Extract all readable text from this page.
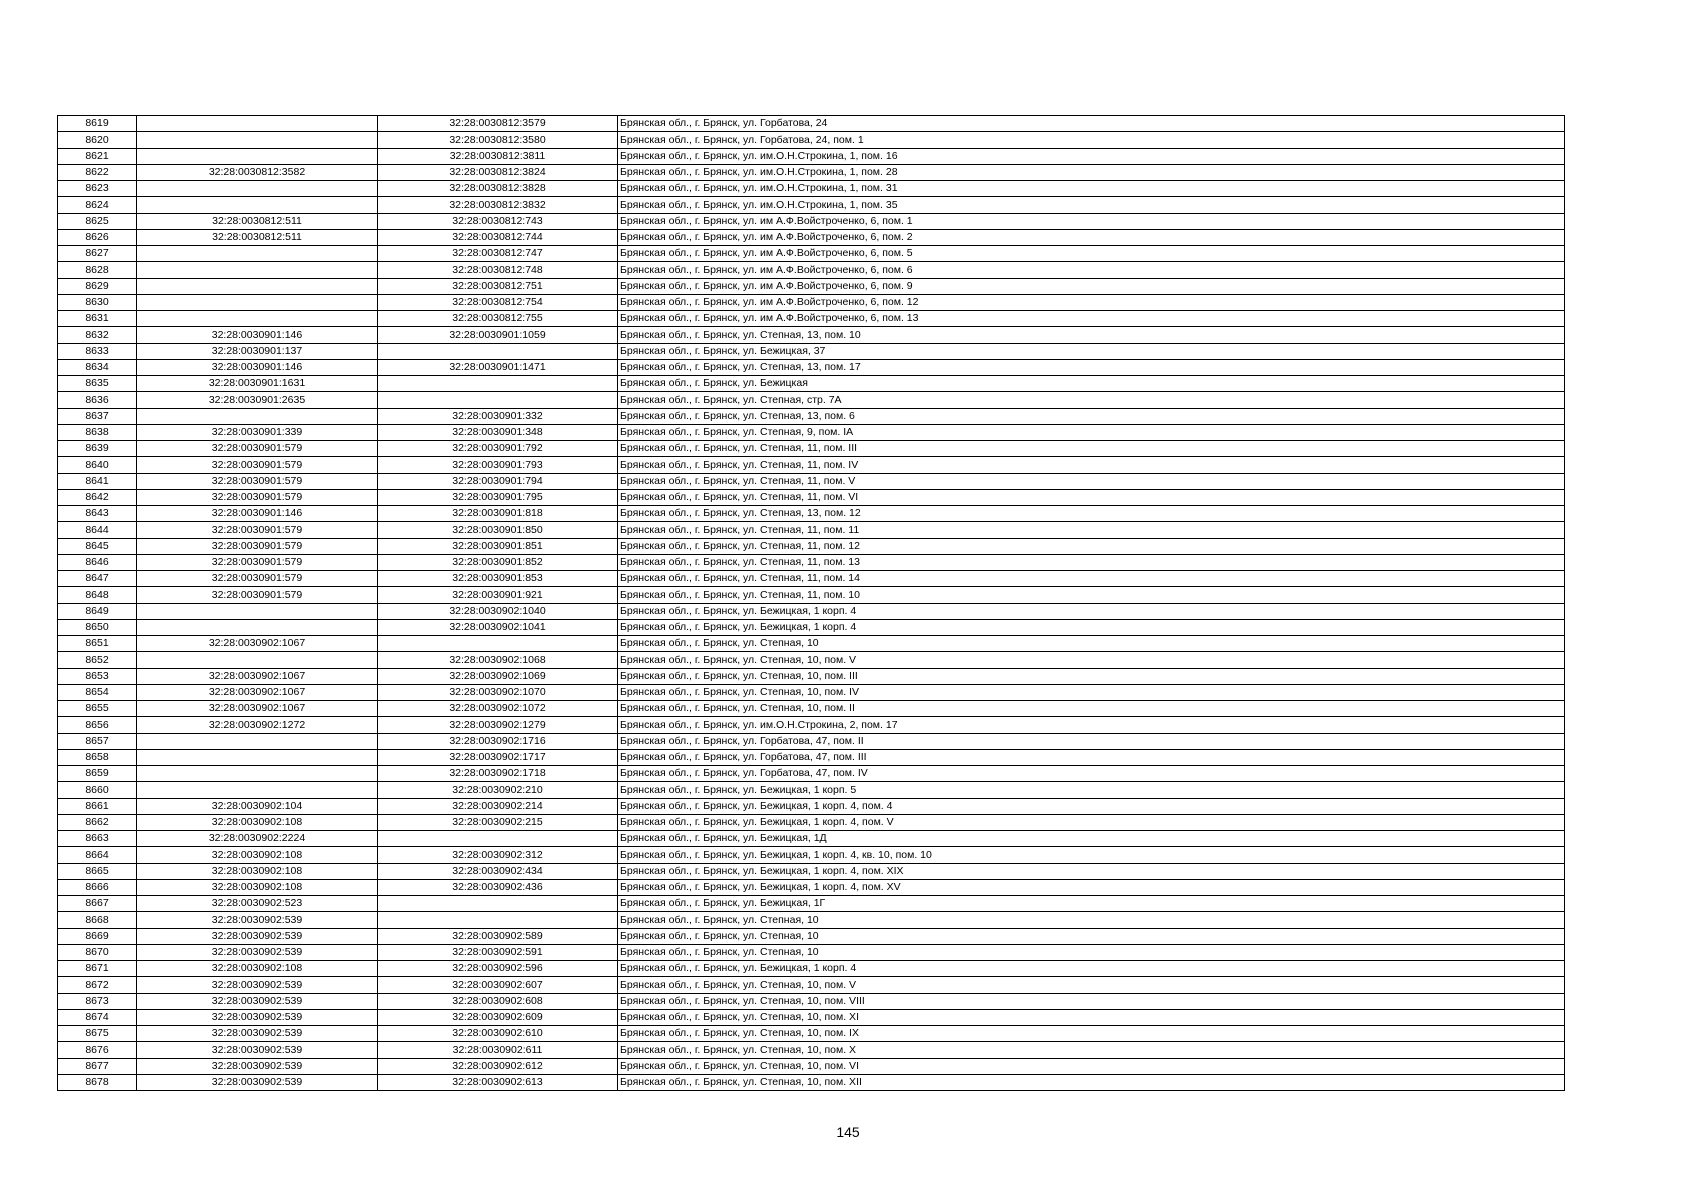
8619		32:28:0030812:3579	Брянская обл., г. Брянск, ул. Горбатова, 24
8620		32:28:0030812:3580	Брянская обл., г. Брянск, ул. Горбатова, 24, пом. 1
8621		32:28:0030812:3811	Брянская обл., г. Брянск, ул. им.О.Н.Строкина, 1, пом. 16
8622	32:28:0030812:3582	32:28:0030812:3824	Брянская обл., г. Брянск, ул. им.О.Н.Строкина, 1, пом. 28
8623		32:28:0030812:3828	Брянская обл., г. Брянск, ул. им.О.Н.Строкина, 1, пом. 31
8624		32:28:0030812:3832	Брянская обл., г. Брянск, ул. им.О.Н.Строкина, 1, пом. 35
8625	32:28:0030812:511	32:28:0030812:743	Брянская обл., г. Брянск, ул. им А.Ф.Войстроченко, 6, пом. 1
8626	32:28:0030812:511	32:28:0030812:744	Брянская обл., г. Брянск, ул. им А.Ф.Войстроченко, 6, пом. 2
8627		32:28:0030812:747	Брянская обл., г. Брянск, ул. им А.Ф.Войстроченко, 6, пом. 5
8628		32:28:0030812:748	Брянская обл., г. Брянск, ул. им А.Ф.Войстроченко, 6, пом. 6
8629		32:28:0030812:751	Брянская обл., г. Брянск, ул. им А.Ф.Войстроченко, 6, пом. 9
8630		32:28:0030812:754	Брянская обл., г. Брянск, ул. им А.Ф.Войстроченко, 6, пом. 12
8631		32:28:0030812:755	Брянская обл., г. Брянск, ул. им А.Ф.Войстроченко, 6, пом. 13
8632	32:28:0030901:146	32:28:0030901:1059	Брянская обл., г. Брянск, ул. Степная, 13, пом. 10
8633	32:28:0030901:137		Брянская обл., г. Брянск, ул. Бежицкая, 37
8634	32:28:0030901:146	32:28:0030901:1471	Брянская обл., г. Брянск, ул. Степная, 13, пом. 17
8635	32:28:0030901:1631		Брянская обл., г. Брянск, ул. Бежицкая
8636	32:28:0030901:2635		Брянская обл., г. Брянск, ул. Степная, стр. 7А
8637		32:28:0030901:332	Брянская обл., г. Брянск, ул. Степная, 13, пом. 6
8638	32:28:0030901:339	32:28:0030901:348	Брянская обл., г. Брянск, ул. Степная, 9, пом. IA
8639	32:28:0030901:579	32:28:0030901:792	Брянская обл., г. Брянск, ул. Степная, 11, пом. III
8640	32:28:0030901:579	32:28:0030901:793	Брянская обл., г. Брянск, ул. Степная, 11, пом. IV
8641	32:28:0030901:579	32:28:0030901:794	Брянская обл., г. Брянск, ул. Степная, 11, пом. V
8642	32:28:0030901:579	32:28:0030901:795	Брянская обл., г. Брянск, ул. Степная, 11, пом. VI
8643	32:28:0030901:146	32:28:0030901:818	Брянская обл., г. Брянск, ул. Степная, 13, пом. 12
8644	32:28:0030901:579	32:28:0030901:850	Брянская обл., г. Брянск, ул. Степная, 11, пом. 11
8645	32:28:0030901:579	32:28:0030901:851	Брянская обл., г. Брянск, ул. Степная, 11, пом. 12
8646	32:28:0030901:579	32:28:0030901:852	Брянская обл., г. Брянск, ул. Степная, 11, пом. 13
8647	32:28:0030901:579	32:28:0030901:853	Брянская обл., г. Брянск, ул. Степная, 11, пом. 14
8648	32:28:0030901:579	32:28:0030901:921	Брянская обл., г. Брянск, ул. Степная, 11, пом. 10
8649		32:28:0030902:1040	Брянская обл., г. Брянск, ул. Бежицкая, 1 корп. 4
8650		32:28:0030902:1041	Брянская обл., г. Брянск, ул. Бежицкая, 1 корп. 4
8651	32:28:0030902:1067		Брянская обл., г. Брянск, ул. Степная, 10
8652		32:28:0030902:1068	Брянская обл., г. Брянск, ул. Степная, 10, пом. V
8653	32:28:0030902:1067	32:28:0030902:1069	Брянская обл., г. Брянск, ул. Степная, 10, пом. III
8654	32:28:0030902:1067	32:28:0030902:1070	Брянская обл., г. Брянск, ул. Степная, 10, пом. IV
8655	32:28:0030902:1067	32:28:0030902:1072	Брянская обл., г. Брянск, ул. Степная, 10, пом. II
8656	32:28:0030902:1272	32:28:0030902:1279	Брянская обл., г. Брянск, ул. им.О.Н.Строкина, 2, пом. 17
8657		32:28:0030902:1716	Брянская обл., г. Брянск, ул. Горбатова, 47, пом. II
8658		32:28:0030902:1717	Брянская обл., г. Брянск, ул. Горбатова, 47, пом. III
8659		32:28:0030902:1718	Брянская обл., г. Брянск, ул. Горбатова, 47, пом. IV
8660		32:28:0030902:210	Брянская обл., г. Брянск, ул. Бежицкая, 1 корп. 5
8661	32:28:0030902:104	32:28:0030902:214	Брянская обл., г. Брянск, ул. Бежицкая, 1 корп. 4, пом. 4
8662	32:28:0030902:108	32:28:0030902:215	Брянская обл., г. Брянск, ул. Бежицкая, 1 корп. 4, пом. V
8663	32:28:0030902:2224		Брянская обл., г. Брянск, ул. Бежицкая, 1Д
8664	32:28:0030902:108	32:28:0030902:312	Брянская обл., г. Брянск, ул. Бежицкая, 1 корп. 4, кв. 10, пом. 10
8665	32:28:0030902:108	32:28:0030902:434	Брянская обл., г. Брянск, ул. Бежицкая, 1 корп. 4, пом. XIX
8666	32:28:0030902:108	32:28:0030902:436	Брянская обл., г. Брянск, ул. Бежицкая, 1 корп. 4, пом. XV
8667	32:28:0030902:523		Брянская обл., г. Брянск, ул. Бежицкая, 1Г
8668	32:28:0030902:539		Брянская обл., г. Брянск, ул. Степная, 10
8669	32:28:0030902:539	32:28:0030902:589	Брянская обл., г. Брянск, ул. Степная, 10
8670	32:28:0030902:539	32:28:0030902:591	Брянская обл., г. Брянск, ул. Степная, 10
8671	32:28:0030902:108	32:28:0030902:596	Брянская обл., г. Брянск, ул. Бежицкая, 1 корп. 4
8672	32:28:0030902:539	32:28:0030902:607	Брянская обл., г. Брянск, ул. Степная, 10, пом. V
8673	32:28:0030902:539	32:28:0030902:608	Брянская обл., г. Брянск, ул. Степная, 10, пом. VIII
8674	32:28:0030902:539	32:28:0030902:609	Брянская обл., г. Брянск, ул. Степная, 10, пом. XI
8675	32:28:0030902:539	32:28:0030902:610	Брянская обл., г. Брянск, ул. Степная, 10, пом. IX
8676	32:28:0030902:539	32:28:0030902:611	Брянская обл., г. Брянск, ул. Степная, 10, пом. X
8677	32:28:0030902:539	32:28:0030902:612	Брянская обл., г. Брянск, ул. Степная, 10, пом. VI
8678	32:28:0030902:539	32:28:0030902:613	Брянская обл., г. Брянск, ул. Степная, 10, пом. XII
145
